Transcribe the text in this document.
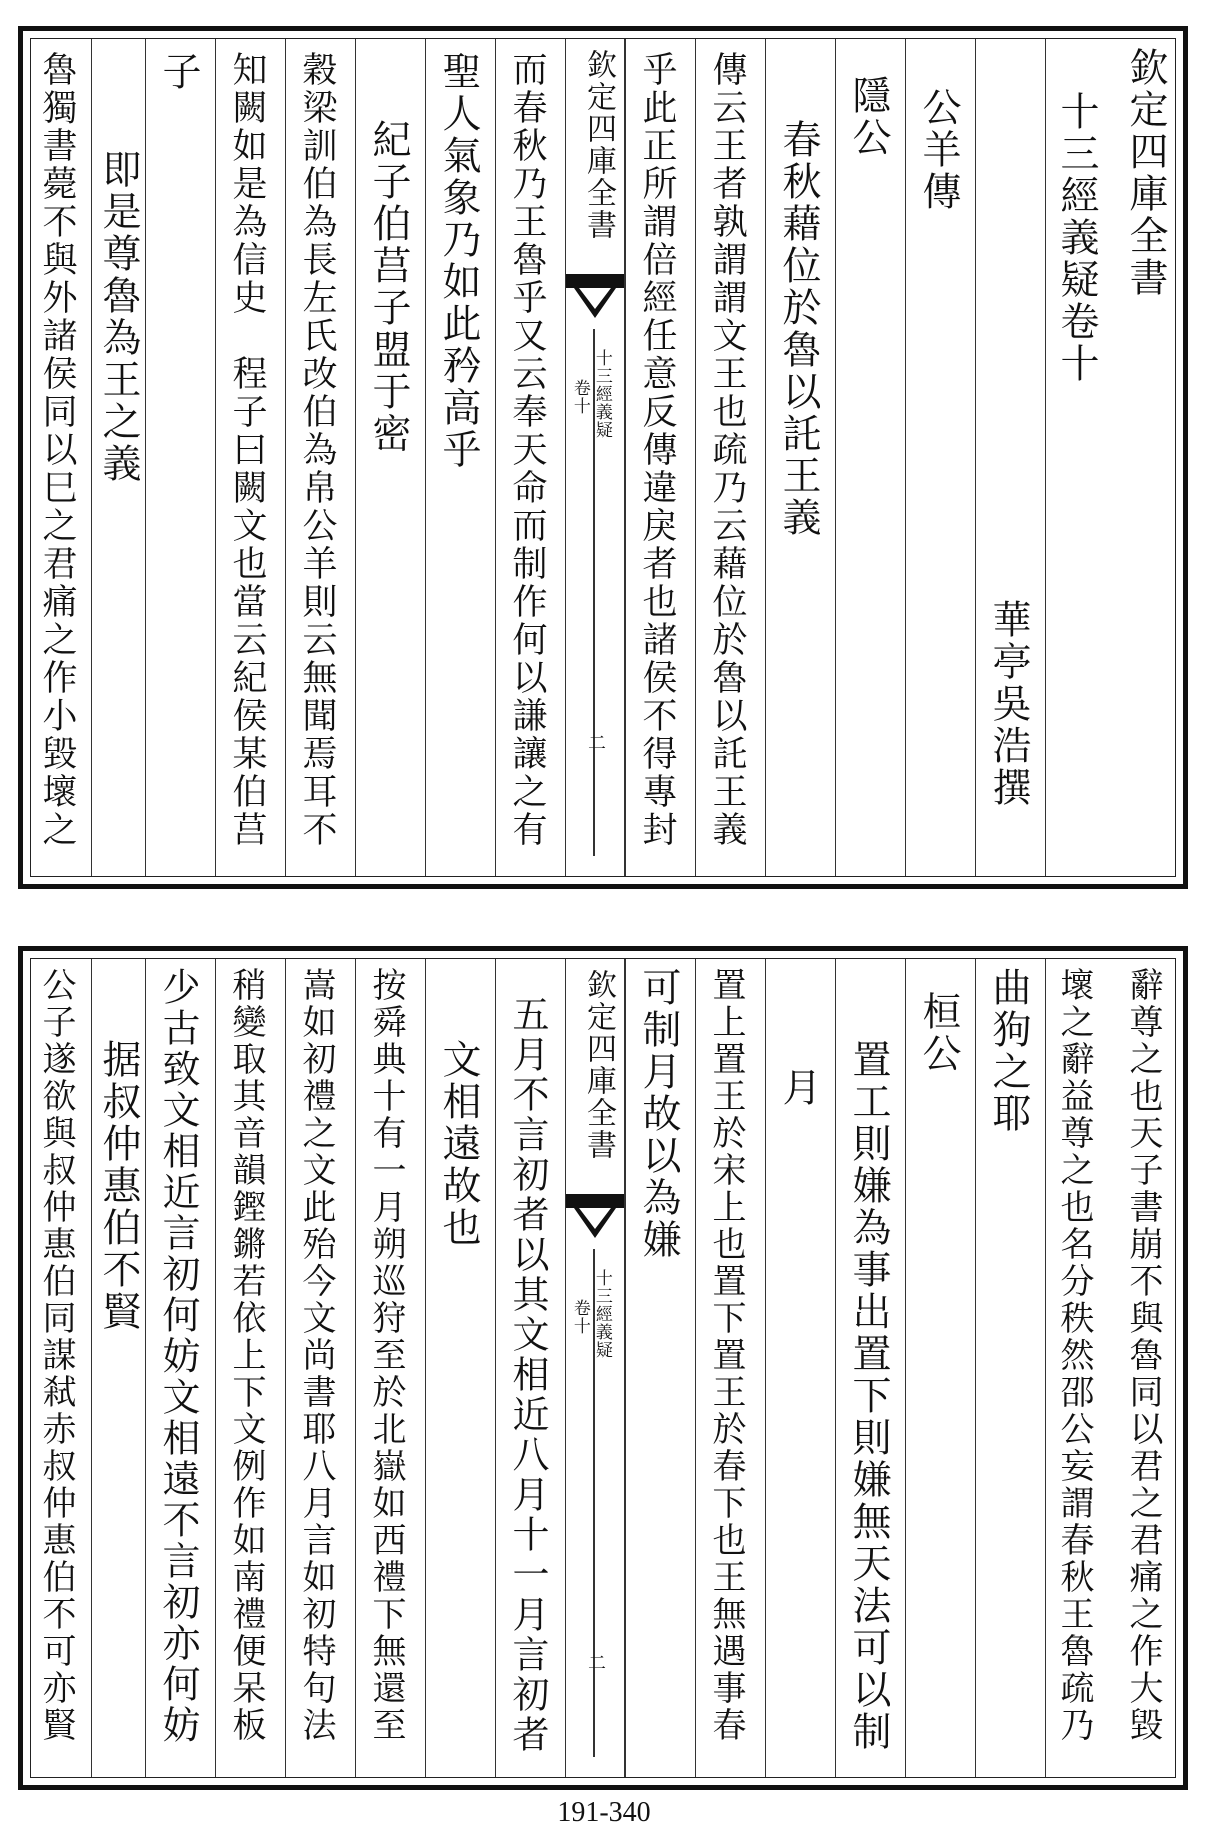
欽定四庫全書
十三經義疑卷十
華亭吳浩撰
公羊傳
隱公
春秋藉位於魯以託王義
傳云王者孰謂謂文王也疏乃云藉位於魯以託王義
乎此正所謂倍經任意反傳違戾者也諸侯不得專封
欽定四庫全書
十三經義疑
卷十
二
而春秋乃王魯乎又云奉天命而制作何以謙讓之有
聖人氣象乃如此矜高乎
紀子伯莒子盟于密
穀梁訓伯為長左氏改伯為帛公羊則云無聞焉耳不
知闕如是為信史　程子曰闕文也當云紀侯某伯莒
子
即是尊魯為王之義
魯獨書薨不與外諸侯同以巳之君痛之作小毀壞之
辭尊之也天子書崩不與魯同以君之君痛之作大毀
壞之辭益尊之也名分秩然邵公妄謂春秋王魯疏乃
曲狗之耶
桓公
置工則嫌為事出置下則嫌無天法可以制
月
置上置王於宋上也置下置王於春下也王無遇事春
可制月故以為嫌
欽定四庫全書
十三經義疑
卷十
二
五月不言初者以其文相近八月十一月言初者
文相遠故也
按舜典十有一月朔巡狩至於北嶽如西禮下無還至
嵩如初禮之文此殆今文尚書耶八月言如初特句法
稍變取其音韻鏗鏘若依上下文例作如南禮便呆板
少古致文相近言初何妨文相遠不言初亦何妨
据叔仲惠伯不賢
公子遂欲與叔仲惠伯同謀弒赤叔仲惠伯不可亦賢
191-340
